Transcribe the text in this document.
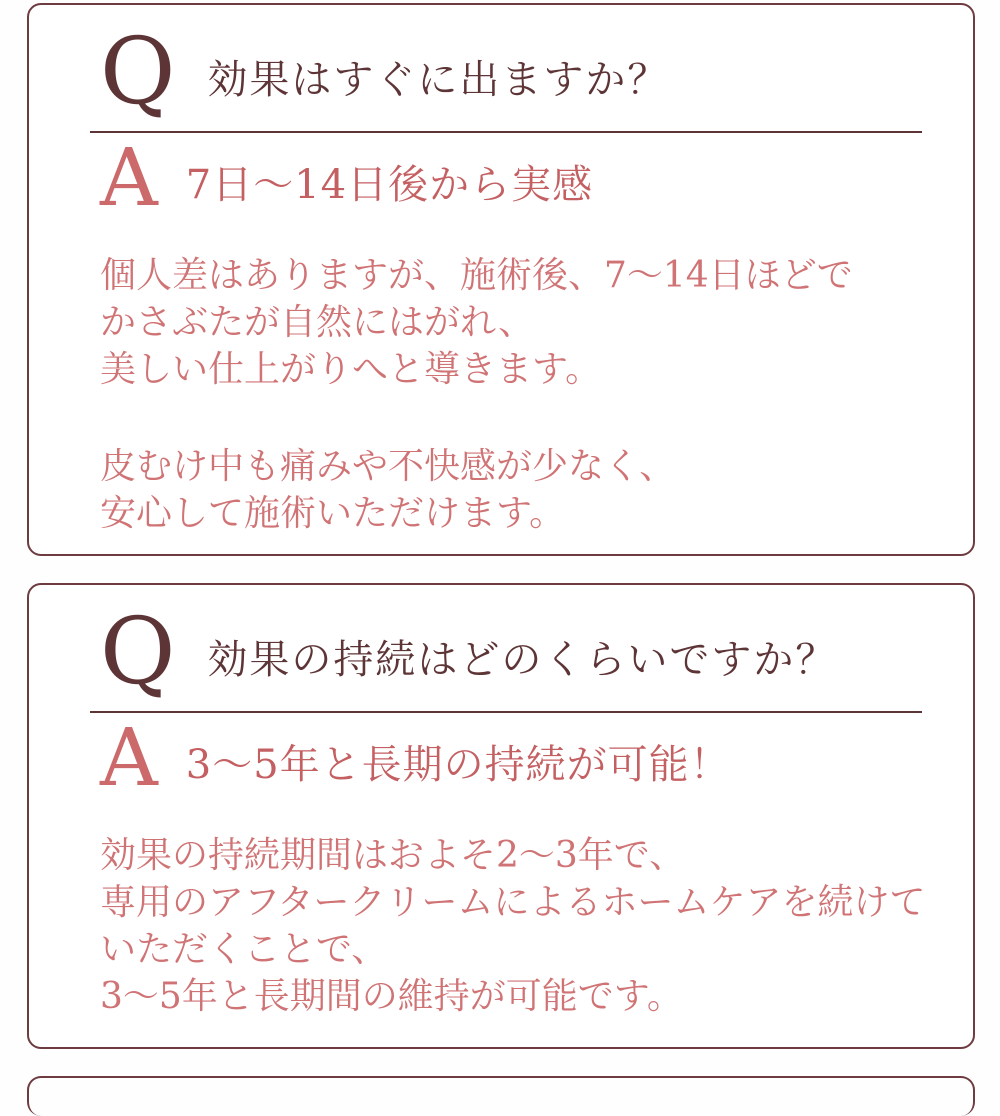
Q 効果はすぐに出ますか？
A 7日〜14日後から実感

個人差はありますが、施術後、7〜14日ほどで
かさぶたが自然にはがれ、
美しい仕上がりへと導きます。

皮むけ中も痛みや不快感が少なく、
安心して施術いただけます。

Q 効果の持続はどのくらいですか？
A 3〜5年と長期の持続が可能！

効果の持続期間はおよそ2〜3年で、
専用のアフタークリームによるホームケアを続けて
いただくことで、
3〜5年と長期間の維持が可能です。
